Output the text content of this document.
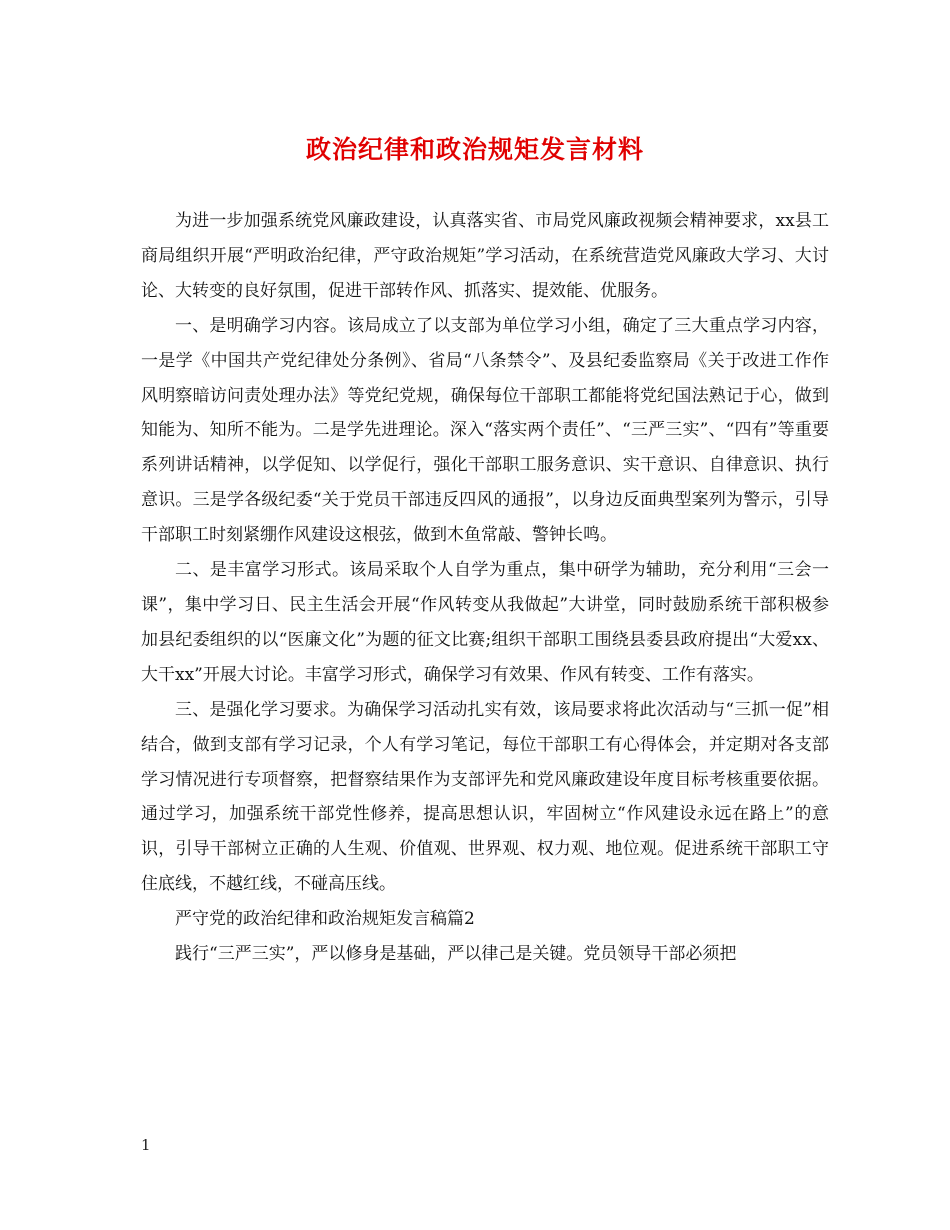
政治纪律和政治规矩发言材料

为进一步加强系统党风廉政建设，认真落实省、市局党风廉政视频会精神要求，xx县工商局组织开展“严明政治纪律，严守政治规矩”学习活动，在系统营造党风廉政大学习、大讨论、大转变的良好氛围，促进干部转作风、抓落实、提效能、优服务。

一、是明确学习内容。该局成立了以支部为单位学习小组，确定了三大重点学习内容，一是学《中国共产党纪律处分条例》、省局“八条禁令”、及县纪委监察局《关于改进工作作风明察暗访问责处理办法》等党纪党规，确保每位干部职工都能将党纪国法熟记于心，做到知能为、知所不能为。二是学先进理论。深入“落实两个责任”、“三严三实”、“四有”等重要系列讲话精神，以学促知、以学促行，强化干部职工服务意识、实干意识、自律意识、执行意识。三是学各级纪委“关于党员干部违反四风的通报”，以身边反面典型案列为警示，引导干部职工时刻紧绷作风建设这根弦，做到木鱼常敲、警钟长鸣。

二、是丰富学习形式。该局采取个人自学为重点，集中研学为辅助，充分利用“三会一课”，集中学习日、民主生活会开展“作风转变从我做起”大讲堂，同时鼓励系统干部积极参加县纪委组织的以“医廉文化”为题的征文比赛;组织干部职工围绕县委县政府提出“大爱xx、大干xx”开展大讨论。丰富学习形式，确保学习有效果、作风有转变、工作有落实。

三、是强化学习要求。为确保学习活动扎实有效，该局要求将此次活动与“三抓一促”相结合，做到支部有学习记录，个人有学习笔记，每位干部职工有心得体会，并定期对各支部学习情况进行专项督察，把督察结果作为支部评先和党风廉政建设年度目标考核重要依据。通过学习，加强系统干部党性修养，提高思想认识，牢固树立“作风建设永远在路上”的意识，引导干部树立正确的人生观、价值观、世界观、权力观、地位观。促进系统干部职工守住底线，不越红线，不碰高压线。

严守党的政治纪律和政治规矩发言稿篇2

践行“三严三实”，严以修身是基础，严以律己是关键。党员领导干部必须把

1
